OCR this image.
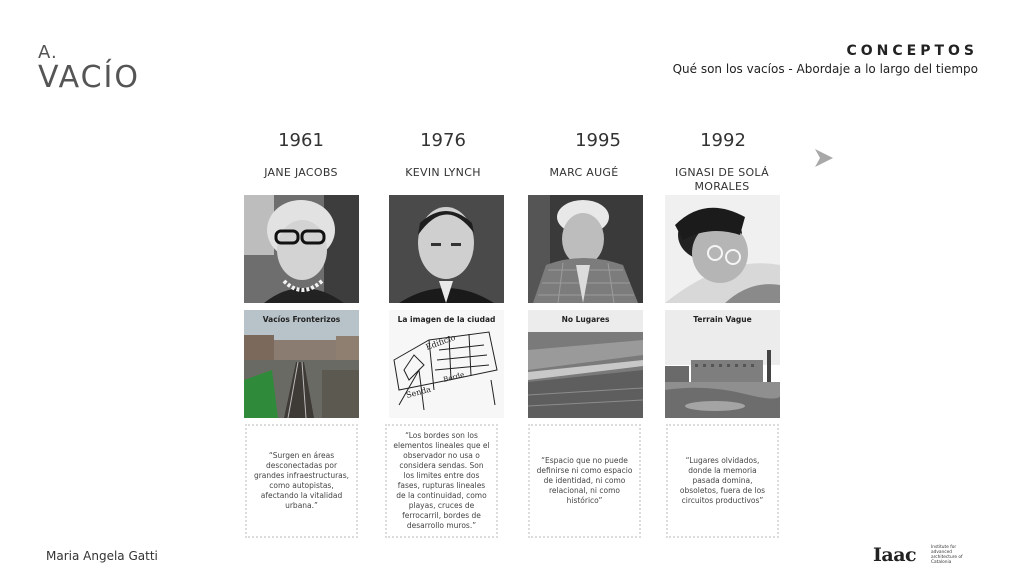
A.
VACÍO
CONCEPTOS
Qué son los vacíos - Abordaje a lo largo del tiempo
1961
JANE JACOBS
Vacíos Fronterizos
“Surgen en áreas desconectadas por grandes infraestructuras, como autopistas, afectando la vitalidad urbana.”
1976
KEVIN LYNCH
Edificio
Senda
Borde
La imagen de la ciudad
“Los bordes son los elementos lineales que el observador no usa o considera sendas. Son los limites entre dos fases, rupturas lineales de la continuidad, como playas, cruces de ferrocarril, bordes de desarrollo muros.”
1995
MARC AUGÉ
No Lugares
“Espacio que no puede definirse ni como espacio de identidad, ni como relacional, ni como histórico”
1992
IGNASI DE SOLÁ MORALES
Terrain Vague
“Lugares olvidados, donde la memoria pasada domina, obsoletos, fuera de los circuitos productivos”
Maria Angela Gatti	Iaac	Institute for advanced architecture of Catalonia
